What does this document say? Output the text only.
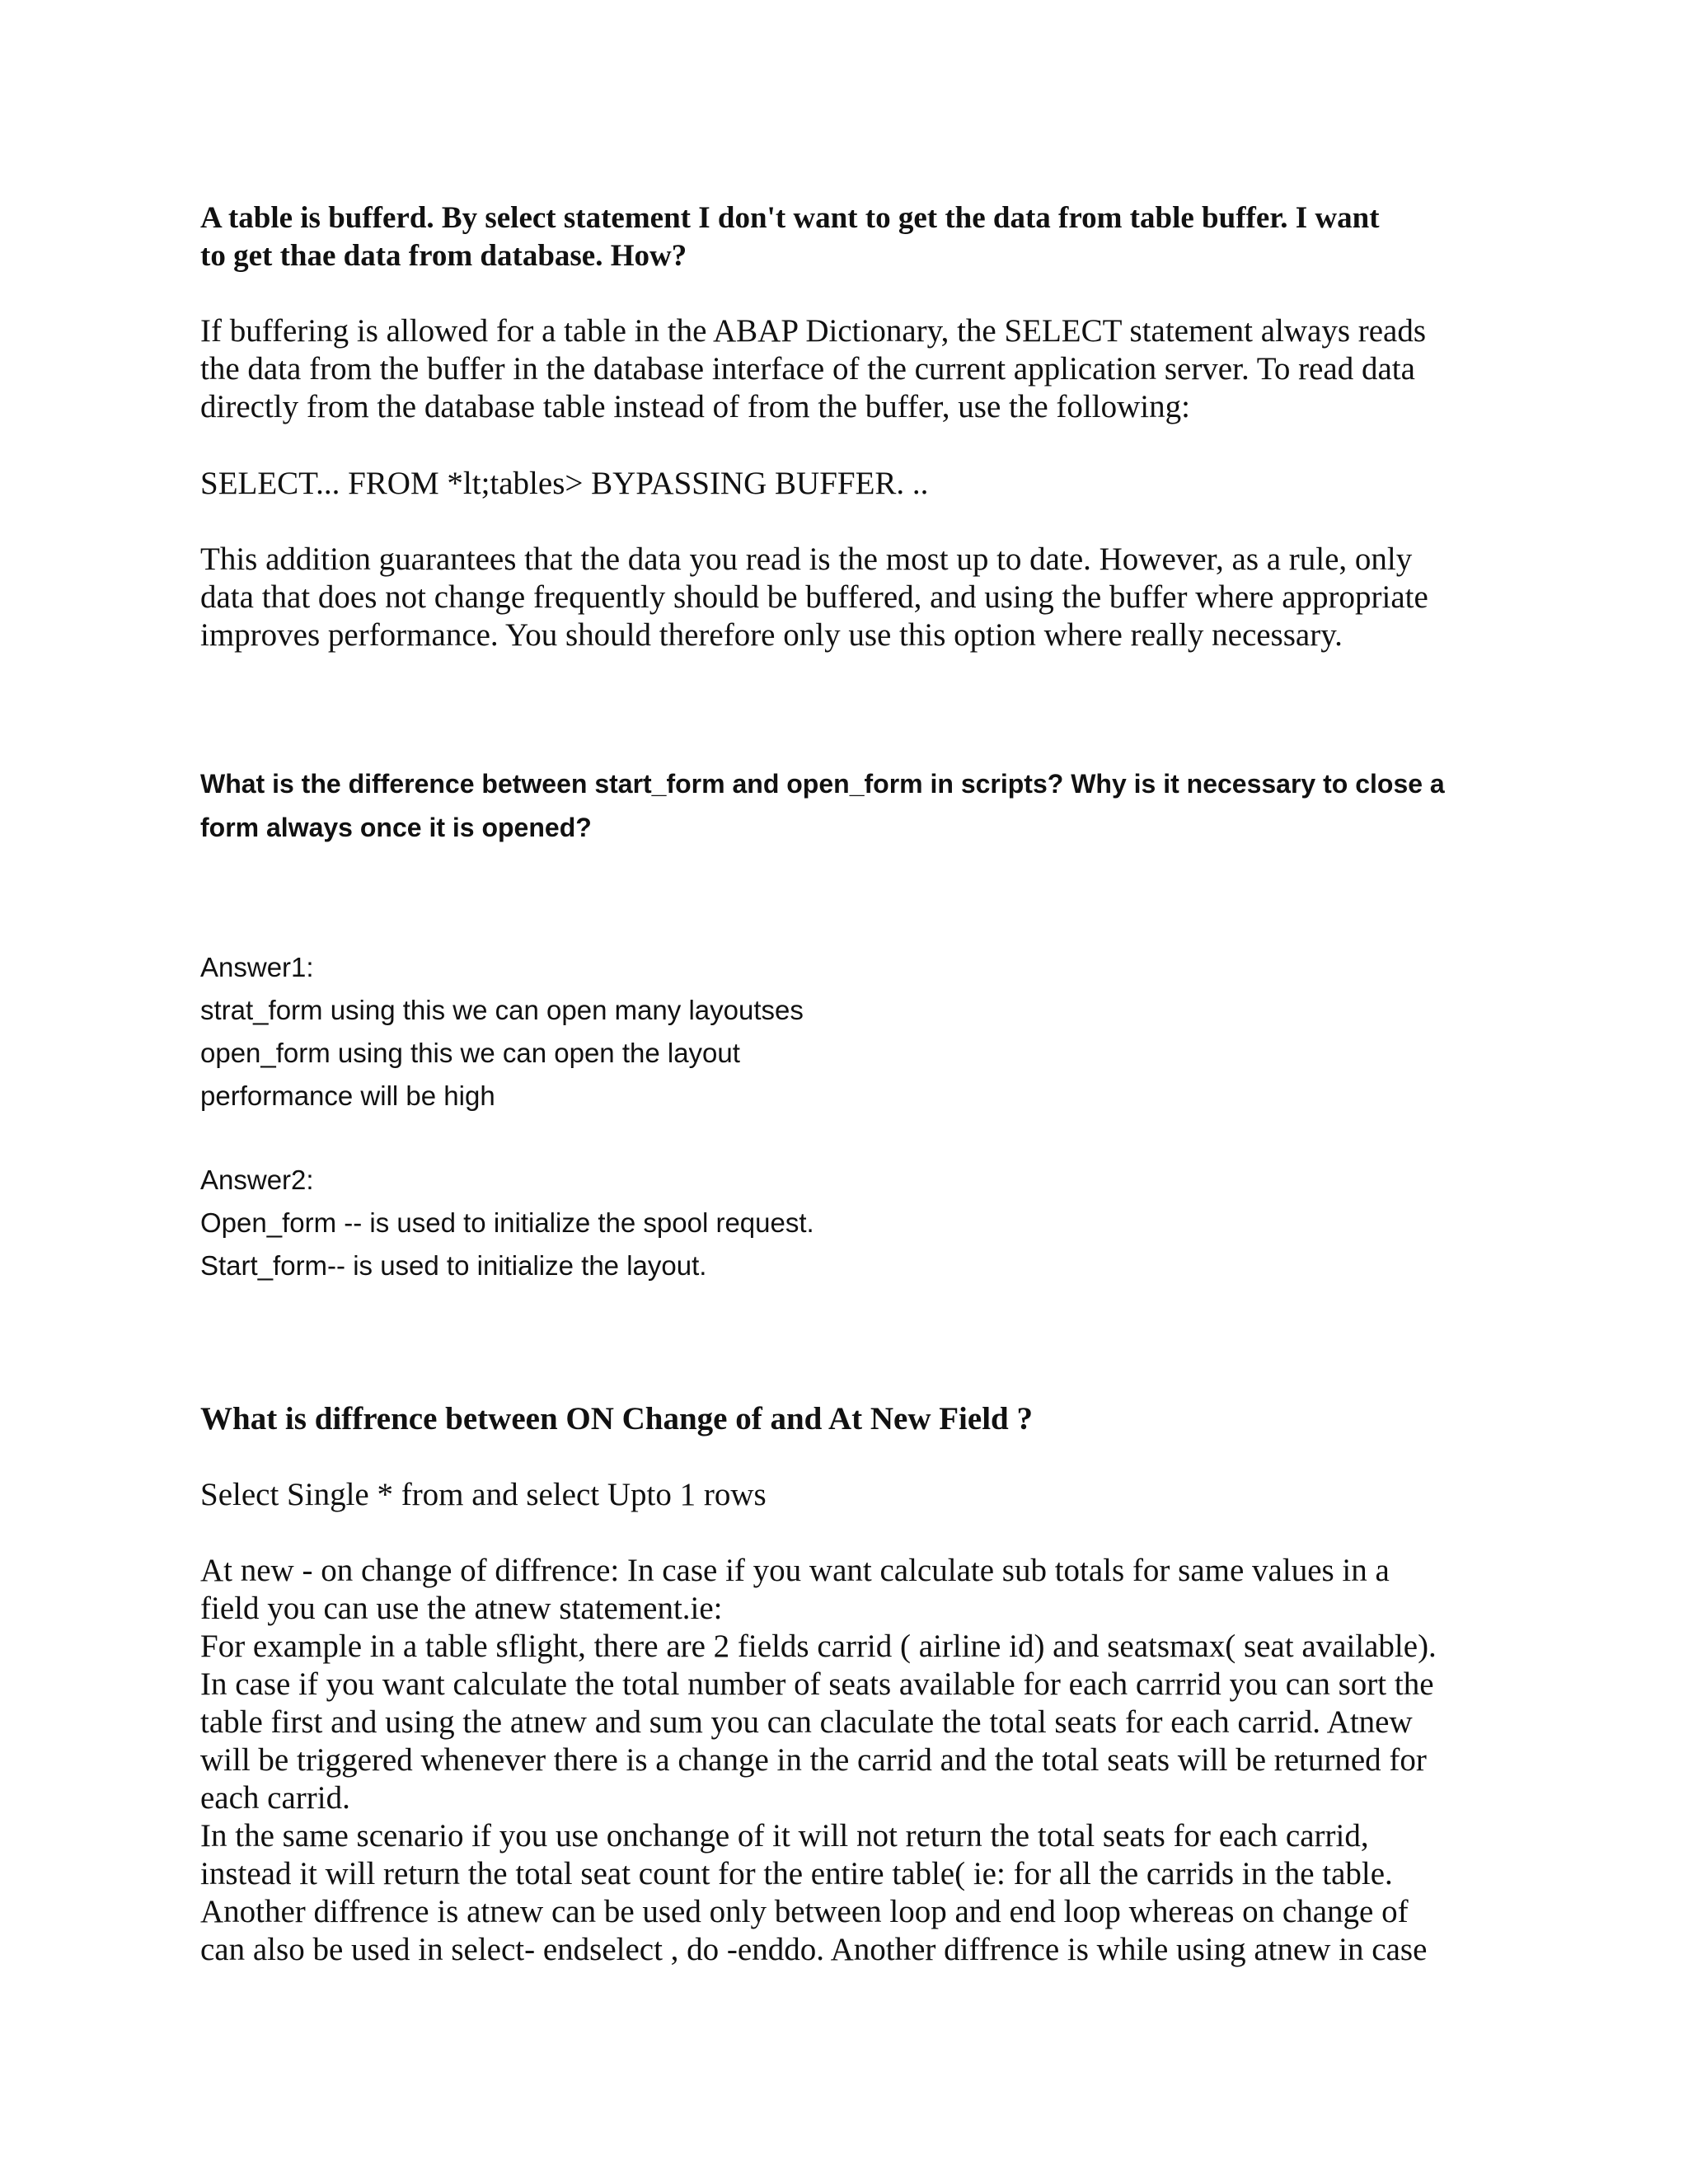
A table is bufferd. By select statement I don't want to get the data from table buffer. I want
to get thae data from database. How?
If buffering is allowed for a table in the ABAP Dictionary, the SELECT statement always reads
the data from the buffer in the database interface of the current application server. To read data
directly from the database table instead of from the buffer, use the following:
SELECT... FROM *lt;tables> BYPASSING BUFFER. ..
This addition guarantees that the data you read is the most up to date. However, as a rule, only
data that does not change frequently should be buffered, and using the buffer where appropriate
improves performance. You should therefore only use this option where really necessary.
What is the difference between start_form and open_form in scripts? Why is it necessary to close a
form always once it is opened?
Answer1:
strat_form using this we can open many layoutses
open_form using this we can open the layout
performance will be high
Answer2:
Open_form -- is used to initialize the spool request.
Start_form-- is used to initialize the layout.
What is diffrence between ON Change of and At New Field ?
Select Single * from and select Upto 1 rows
At new - on change of diffrence: In case if you want calculate sub totals for same values in a
field you can use the atnew statement.ie:
For example in a table sflight, there are 2 fields carrid ( airline id) and seatsmax( seat available).
In case if you want calculate the total number of seats available for each carrrid you can sort the
table first and using the atnew and sum you can claculate the total seats for each carrid. Atnew
will be triggered whenever there is a change in the carrid and the total seats will be returned for
each carrid.
In the same scenario if you use onchange of it will not return the total seats for each carrid,
instead it will return the total seat count for the entire table( ie: for all the carrids in the table.
Another diffrence is atnew can be used only between loop and end loop whereas on change of
can also be used in select- endselect , do -enddo. Another diffrence is while using atnew in case
